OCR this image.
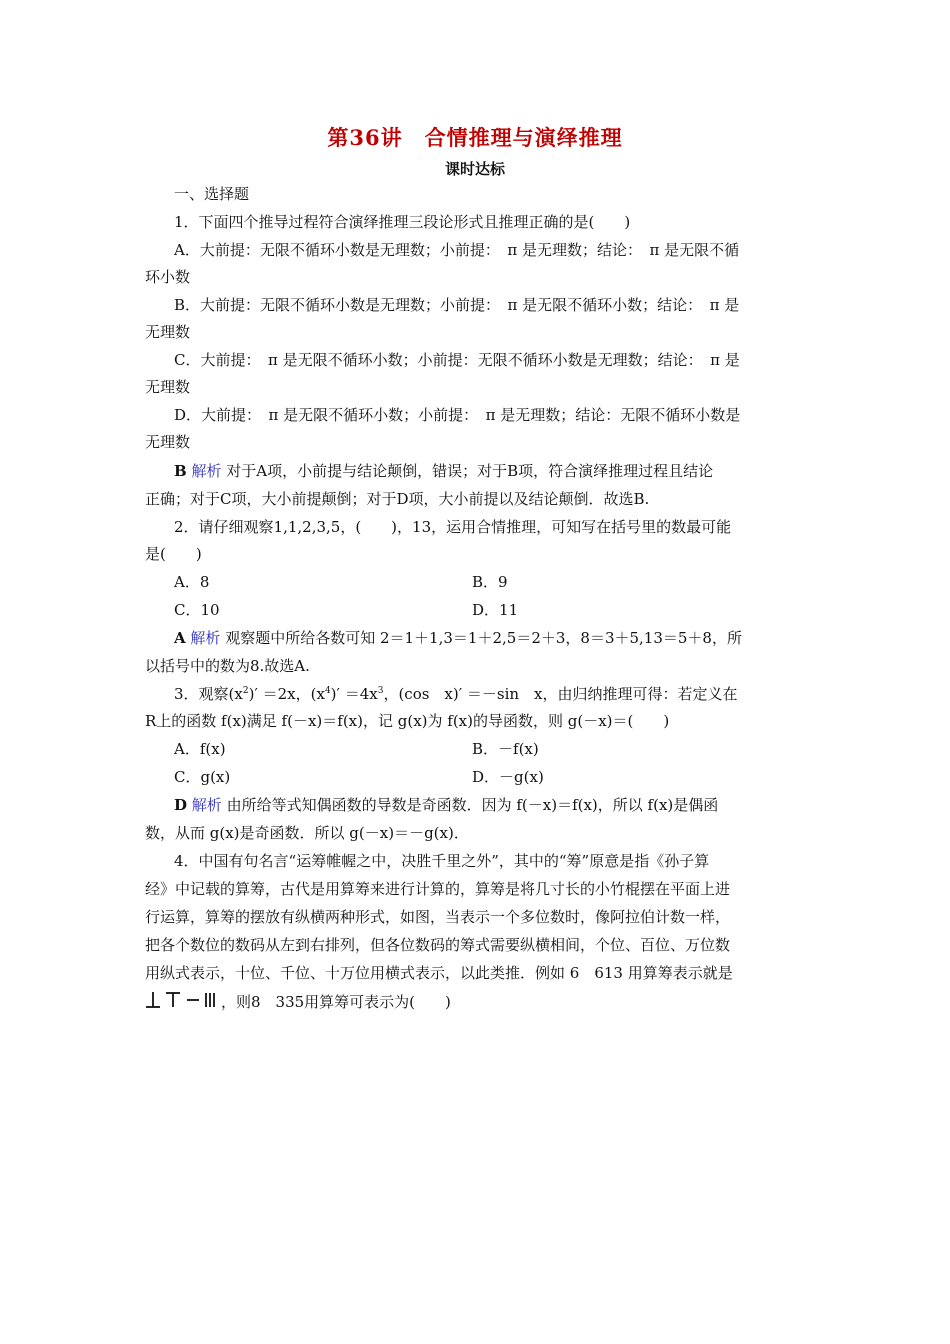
第36讲　合情推理与演绎推理
课时达标
一、选择题
1．下面四个推导过程符合演绎推理三段论形式且推理正确的是(　　)
A．大前提：无限不循环小数是无理数；小前提：　π 是无理数；结论：　π 是无限不循
环小数
B．大前提：无限不循环小数是无理数；小前提：　π 是无限不循环小数；结论：　π 是
无理数
C．大前提：　π 是无限不循环小数；小前提：无限不循环小数是无理数；结论：　π 是
无理数
D．大前提：　π 是无限不循环小数；小前提：　π 是无理数；结论：无限不循环小数是
无理数
B 解析 对于A项，小前提与结论颠倒，错误；对于B项，符合演绎推理过程且结论
正确；对于C项，大小前提颠倒；对于D项，大小前提以及结论颠倒．故选B.
2．请仔细观察1,1,2,3,5，(　　)，13，运用合情推理，可知写在括号里的数最可能
是(　　)
A．8	B．9
C．10	D．11
A 解析 观察题中所给各数可知 2＝1＋1,3＝1＋2,5＝2＋3，8＝3＋5,13＝5＋8，所
以括号中的数为8.故选A.
3．观察$(x^2)' =2x$，$(x^4)' =4x^3$，(cos　x)′ ＝－sin　x，由归纳推理可得：若定义在
R上的函数 f(x)满足 f(－x)＝f(x)，记 g(x)为 f(x)的导函数，则 g(－x)＝(　　)
A．f(x)	B．－f(x)
C．g(x)	D．－g(x)
D 解析 由所给等式知偶函数的导数是奇函数．因为 f(－x)＝f(x)，所以 f(x)是偶函
数，从而 g(x)是奇函数．所以 g(－x)＝－g(x)．
4．中国有句名言“运筹帷幄之中，决胜千里之外”，其中的“筹”原意是指《孙子算
经》中记载的算筹，古代是用算筹来进行计算的，算筹是将几寸长的小竹棍摆在平面上进
行运算，算筹的摆放有纵横两种形式，如图，当表示一个多位数时，像阿拉伯计数一样，
把各个数位的数码从左到右排列，但各位数码的筹式需要纵横相间，个位、百位、万位数
用纵式表示，十位、千位、十万位用横式表示，以此类推．例如 6　613 用算筹表示就是
，则8　335用算筹可表示为(　　)
